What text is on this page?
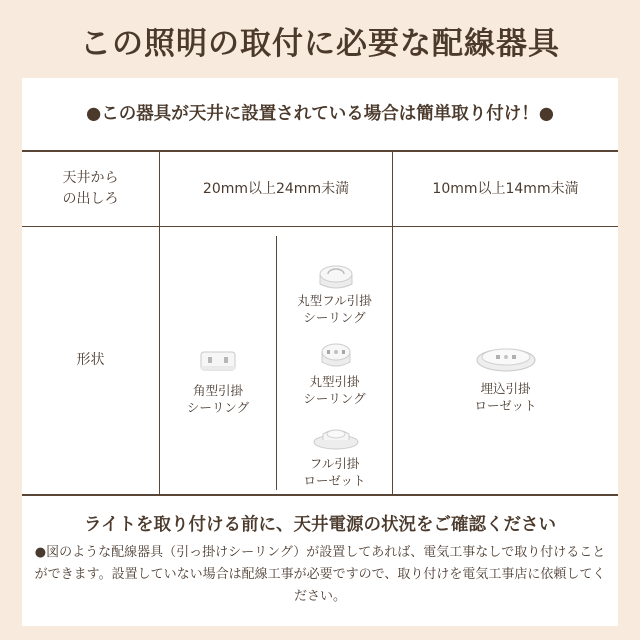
この照明の取付に必要な配線器具
●この器具が天井に設置されている場合は簡単取り付け！●
天井から
の出しろ
20mm以上24mm未満	10mm以上14mm未満
形状
角型引掛
シーリング
丸型フル引掛
シーリング
丸型引掛
シーリング
フル引掛
ローゼット
埋込引掛
ローゼット
ライトを取り付ける前に、天井電源の状況をご確認ください
●図のような配線器具（引っ掛けシーリング）が設置してあれば、電気工事なしで取り付けることができます。設置していない場合は配線工事が必要ですので、取り付けを電気工事店に依頼してください。
